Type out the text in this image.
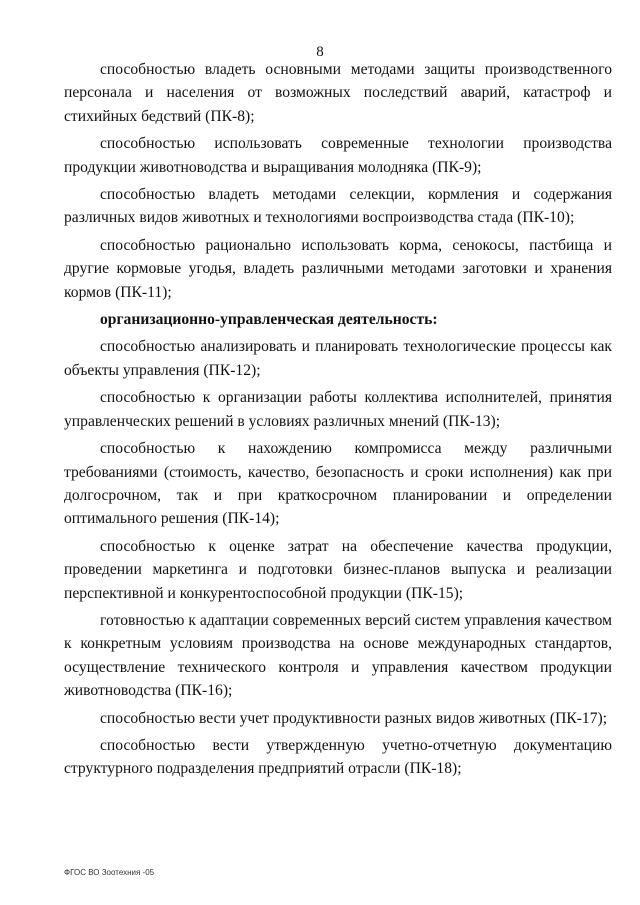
8

способностью владеть основными методами защиты производственного персонала и населения от возможных последствий аварий, катастроф и стихийных бедствий (ПК-8);

способностью использовать современные технологии производства продукции животноводства и выращивания молодняка (ПК-9);

способностью владеть методами селекции, кормления и содержания различных видов животных и технологиями воспроизводства стада (ПК-10);

способностью рационально использовать корма, сенокосы, пастбища и другие кормовые угодья, владеть различными методами заготовки и хранения кормов (ПК-11);

организационно-управленческая деятельность:

способностью анализировать и планировать технологические процессы как объекты управления (ПК-12);

способностью к организации работы коллектива исполнителей, принятия управленческих решений в условиях различных мнений (ПК-13);

способностью к нахождению компромисса между различными требованиями (стоимость, качество, безопасность и сроки исполнения) как при долгосрочном, так и при краткосрочном планировании и определении оптимального решения (ПК-14);

способностью к оценке затрат на обеспечение качества продукции, проведении маркетинга и подготовки бизнес-планов выпуска и реализации перспективной и конкурентоспособной продукции (ПК-15);

готовностью к адаптации современных версий систем управления качеством к конкретным условиям производства на основе международных стандартов, осуществление технического контроля и управления качеством продукции животноводства (ПК-16);

способностью вести учет продуктивности разных видов животных (ПК-17);

способностью вести утвержденную учетно-отчетную документацию структурного подразделения предприятий отрасли (ПК-18);

ФГОС ВО Зоотехния -05
